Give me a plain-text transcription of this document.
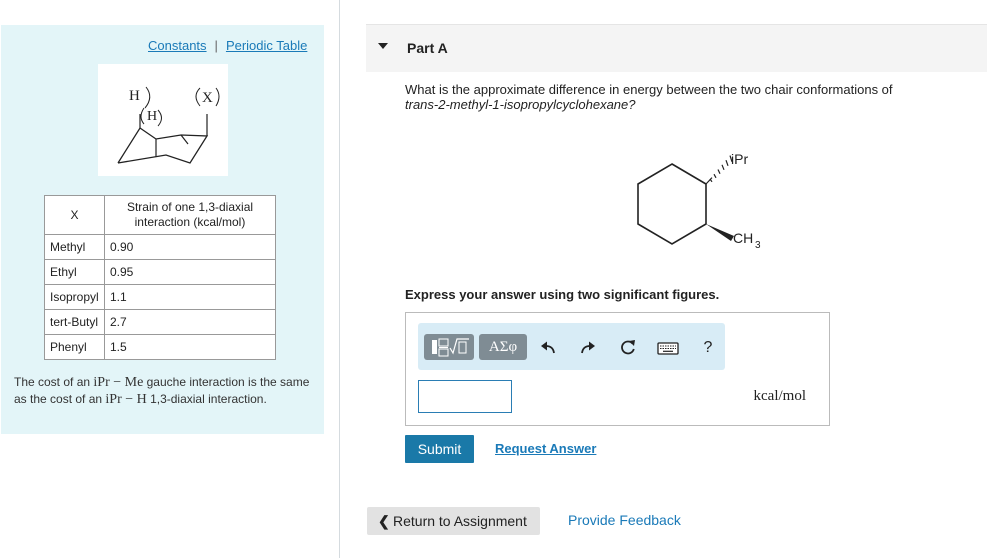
Constants | Periodic Table
H
H
X
X	Strain of one 1,3-diaxial
interaction (kcal/mol)
Methyl	0.90
Ethyl	0.95
Isopropyl	1.1
tert-Butyl	2.7
Phenyl	1.5
The cost of an iPr − Me gauche interaction is the same as the cost of an iPr − H 1,3-diaxial interaction.
Part A
What is the approximate difference in energy between the two chair conformations of
trans-2-methyl-1-isopropylcyclohexane?
iPr
CH 3
Express your answer using two significant figures.
ΑΣφ	?
kcal/mol
Submit	Request Answer
❮ Return to Assignment	Provide Feedback
